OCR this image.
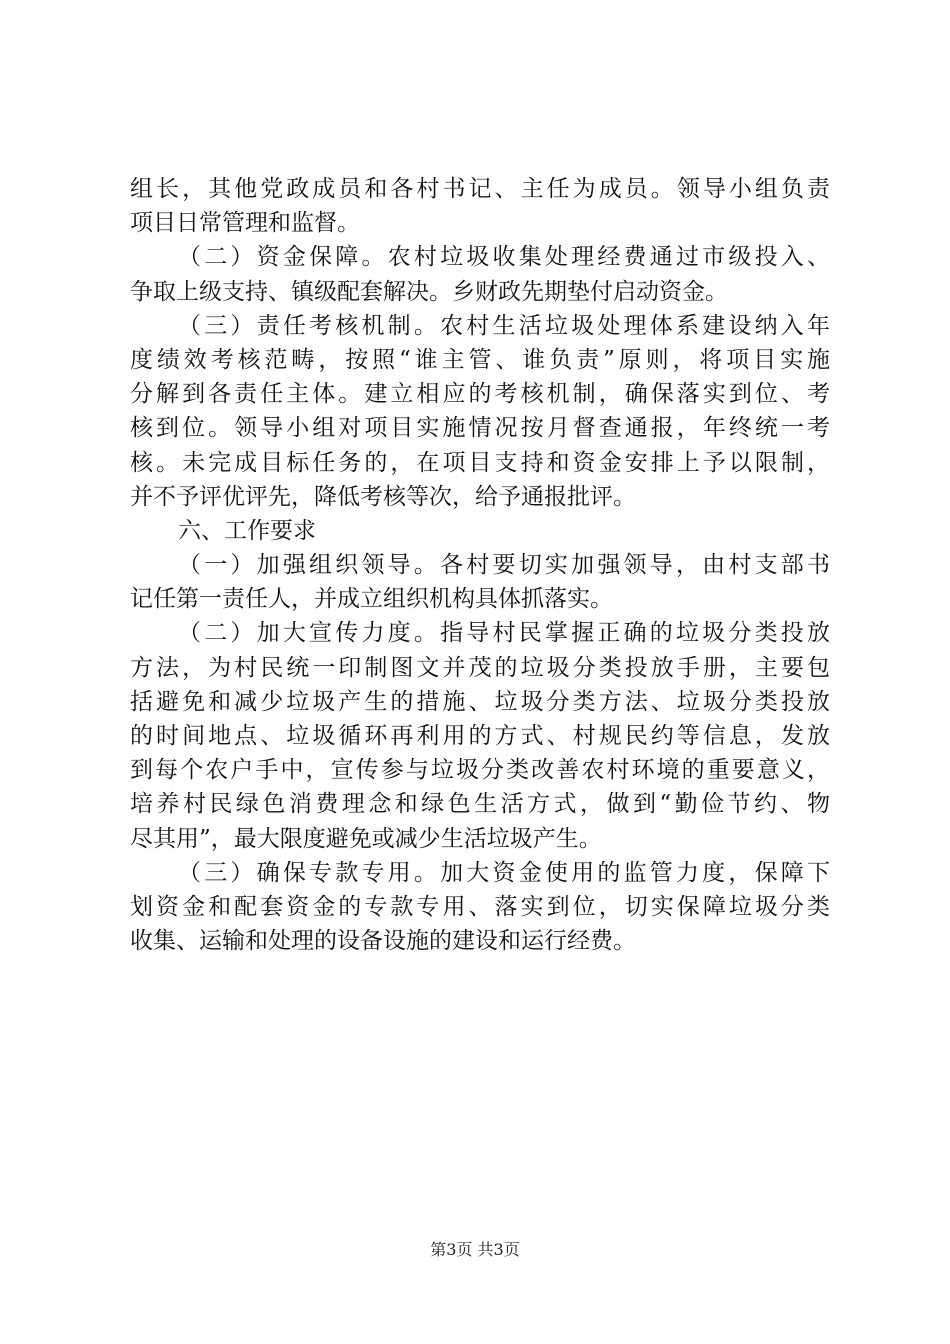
组长，其他党政成员和各村书记、主任为成员。领导小组负责
项目日常管理和监督。
（二）资金保障。农村垃圾收集处理经费通过市级投入、
争取上级支持、镇级配套解决。乡财政先期垫付启动资金。
（三）责任考核机制。农村生活垃圾处理体系建设纳入年
度绩效考核范畴，按照“谁主管、谁负责”原则，将项目实施
分解到各责任主体。建立相应的考核机制，确保落实到位、考
核到位。领导小组对项目实施情况按月督查通报，年终统一考
核。未完成目标任务的，在项目支持和资金安排上予以限制，
并不予评优评先，降低考核等次，给予通报批评。
六、工作要求
（一）加强组织领导。各村要切实加强领导，由村支部书
记任第一责任人，并成立组织机构具体抓落实。
（二）加大宣传力度。指导村民掌握正确的垃圾分类投放
方法，为村民统一印制图文并茂的垃圾分类投放手册，主要包
括避免和减少垃圾产生的措施、垃圾分类方法、垃圾分类投放
的时间地点、垃圾循环再利用的方式、村规民约等信息，发放
到每个农户手中，宣传参与垃圾分类改善农村环境的重要意义，
培养村民绿色消费理念和绿色生活方式，做到“勤俭节约、物
尽其用”，最大限度避免或减少生活垃圾产生。
（三）确保专款专用。加大资金使用的监管力度，保障下
划资金和配套资金的专款专用、落实到位，切实保障垃圾分类
收集、运输和处理的设备设施的建设和运行经费。
第3页 共3页
